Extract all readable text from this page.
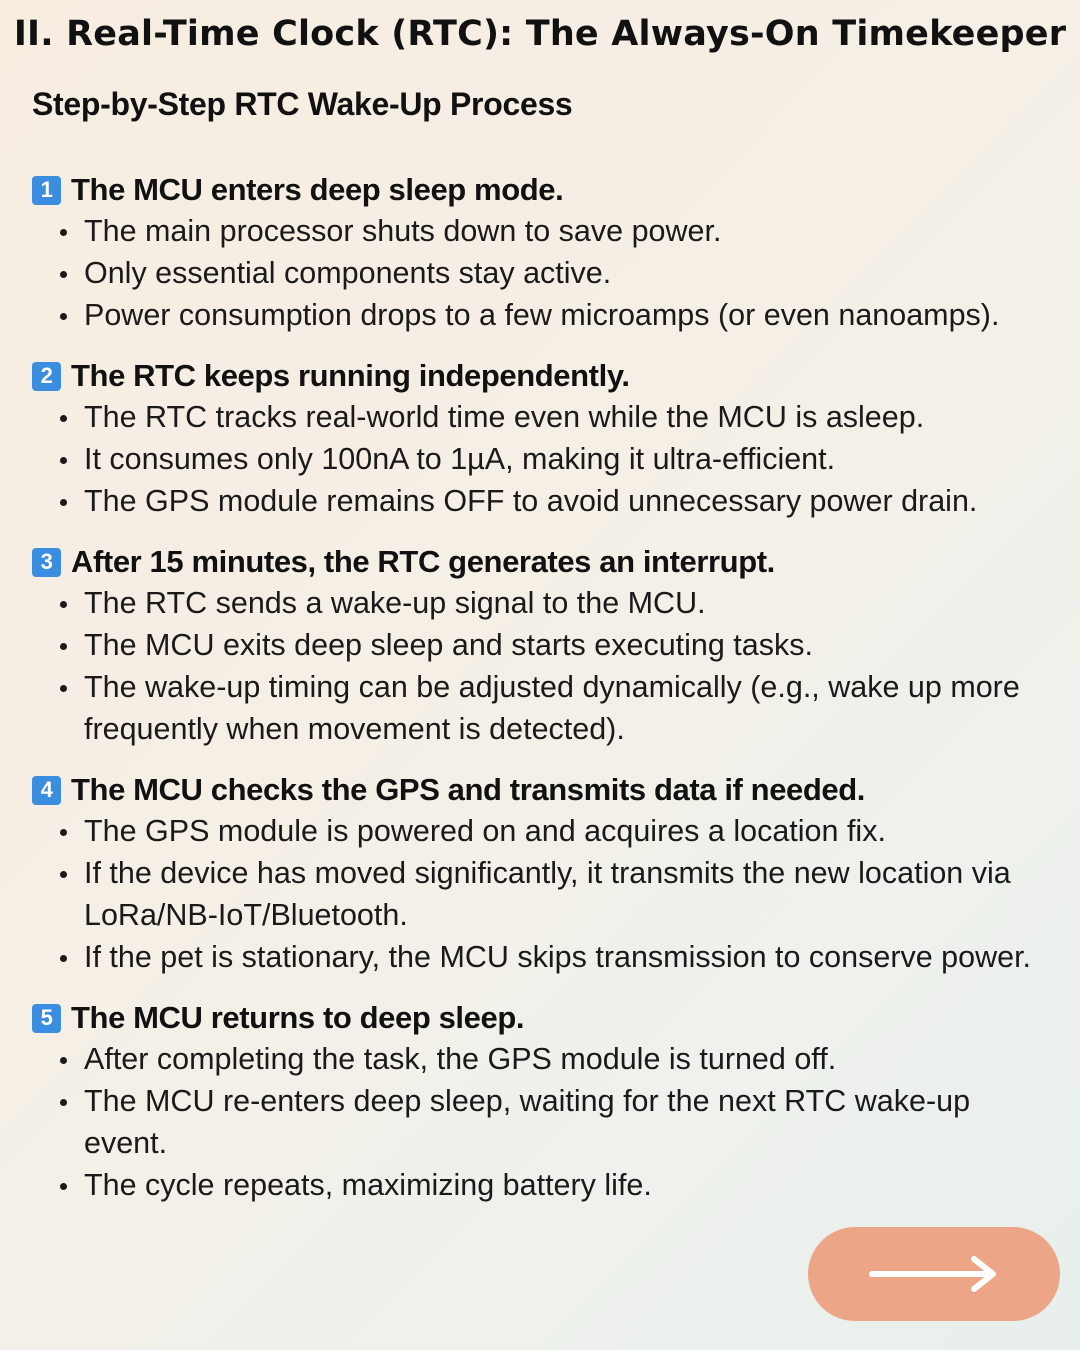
II. Real-Time Clock (RTC): The Always-On Timekeeper
Step-by-Step RTC Wake-Up Process
1 The MCU enters deep sleep mode.
The main processor shuts down to save power.
Only essential components stay active.
Power consumption drops to a few microamps (or even nanoamps).
2 The RTC keeps running independently.
The RTC tracks real-world time even while the MCU is asleep.
It consumes only 100nA to 1µA, making it ultra-efficient.
The GPS module remains OFF to avoid unnecessary power drain.
3 After 15 minutes, the RTC generates an interrupt.
The RTC sends a wake-up signal to the MCU.
The MCU exits deep sleep and starts executing tasks.
The wake-up timing can be adjusted dynamically (e.g., wake up more frequently when movement is detected).
4 The MCU checks the GPS and transmits data if needed.
The GPS module is powered on and acquires a location fix.
If the device has moved significantly, it transmits the new location via LoRa/NB-IoT/Bluetooth.
If the pet is stationary, the MCU skips transmission to conserve power.
5 The MCU returns to deep sleep.
After completing the task, the GPS module is turned off.
The MCU re-enters deep sleep, waiting for the next RTC wake-up event.
The cycle repeats, maximizing battery life.
